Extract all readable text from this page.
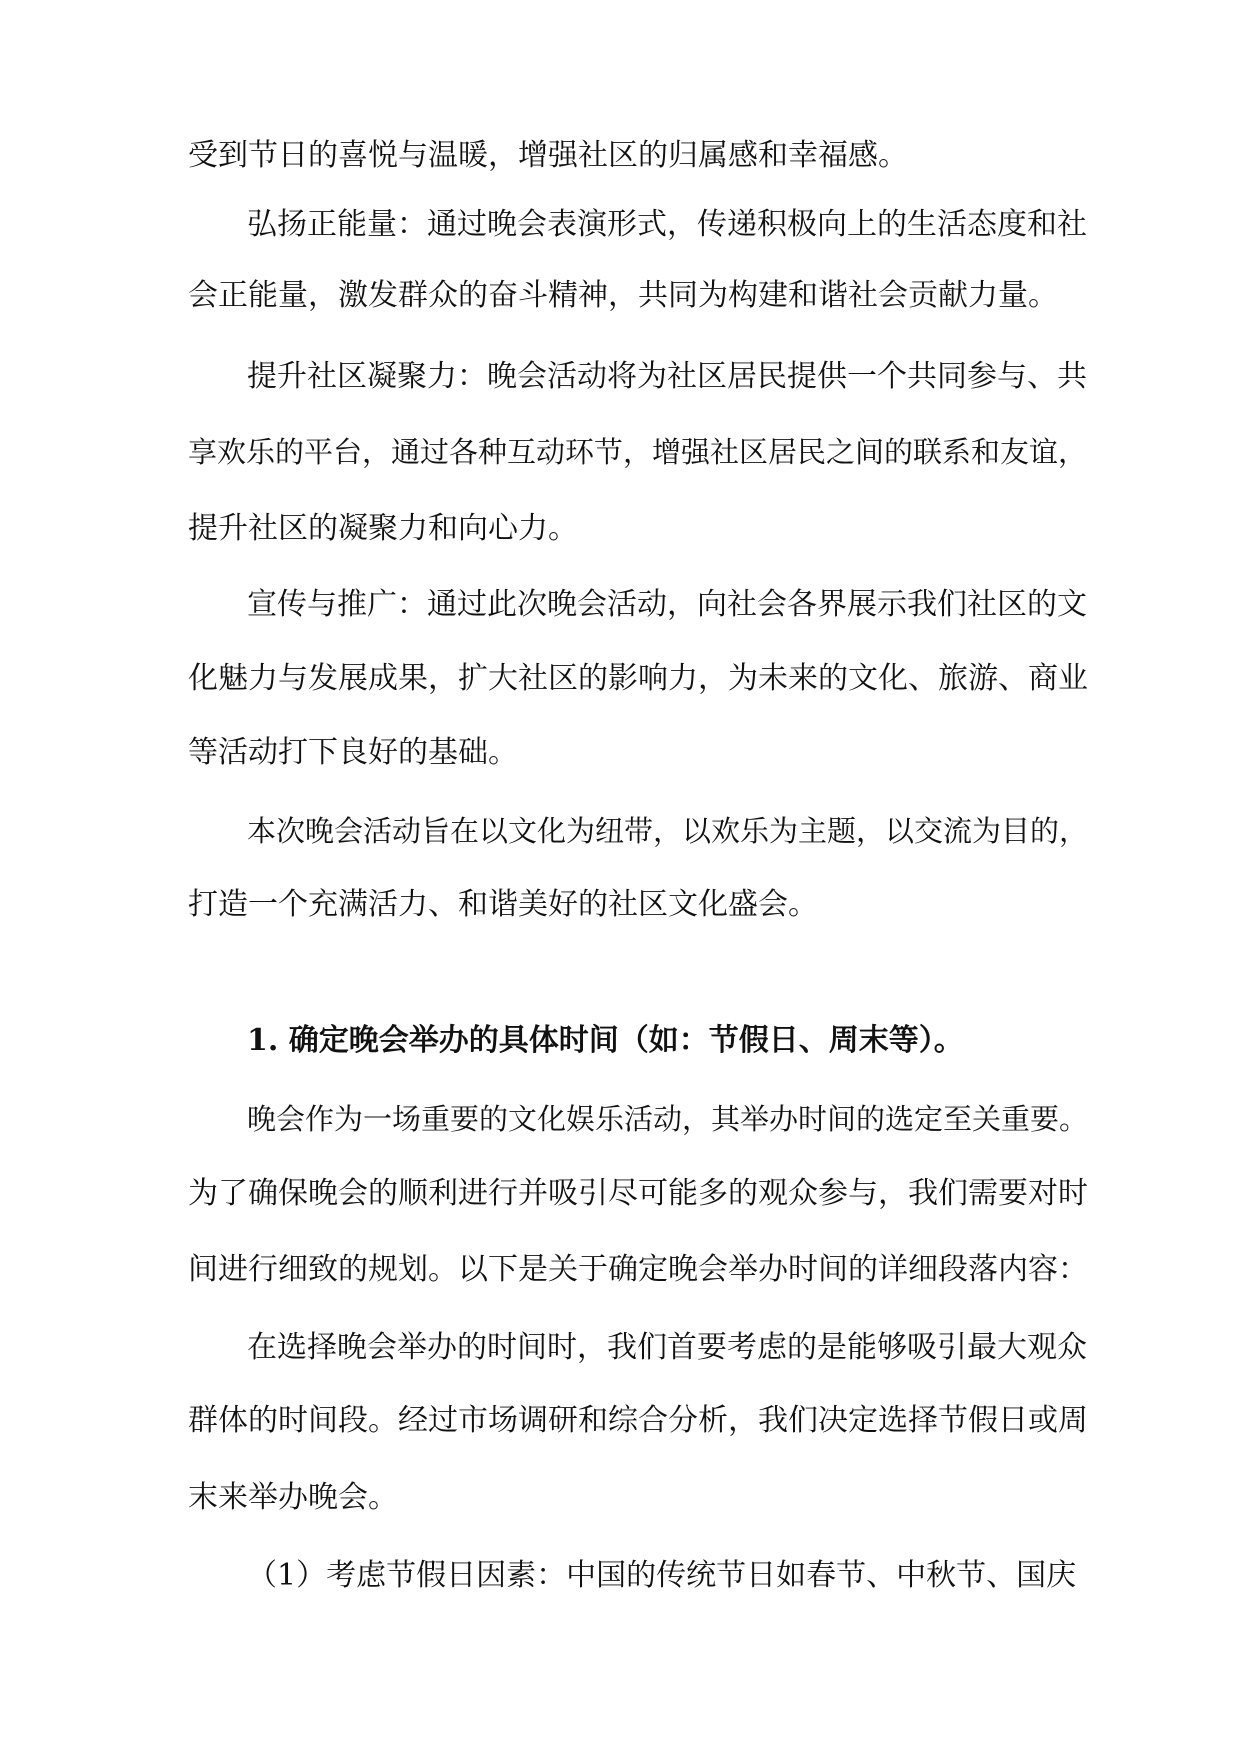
受到节日的喜悦与温暖，增强社区的归属感和幸福感。

弘扬正能量：通过晚会表演形式，传递积极向上的生活态度和社

会正能量，激发群众的奋斗精神，共同为构建和谐社会贡献力量。

提升社区凝聚力：晚会活动将为社区居民提供一个共同参与、共

享欢乐的平台，通过各种互动环节，增强社区居民之间的联系和友谊，

提升社区的凝聚力和向心力。

宣传与推广：通过此次晚会活动，向社会各界展示我们社区的文

化魅力与发展成果，扩大社区的影响力，为未来的文化、旅游、商业

等活动打下良好的基础。

本次晚会活动旨在以文化为纽带，以欢乐为主题，以交流为目的，

打造一个充满活力、和谐美好的社区文化盛会。

1. 确定晚会举办的具体时间（如：节假日、周末等）。

晚会作为一场重要的文化娱乐活动，其举办时间的选定至关重要。

为了确保晚会的顺利进行并吸引尽可能多的观众参与，我们需要对时

间进行细致的规划。以下是关于确定晚会举办时间的详细段落内容：

在选择晚会举办的时间时，我们首要考虑的是能够吸引最大观众

群体的时间段。经过市场调研和综合分析，我们决定选择节假日或周

末来举办晚会。

（1）考虑节假日因素：中国的传统节日如春节、中秋节、国庆
